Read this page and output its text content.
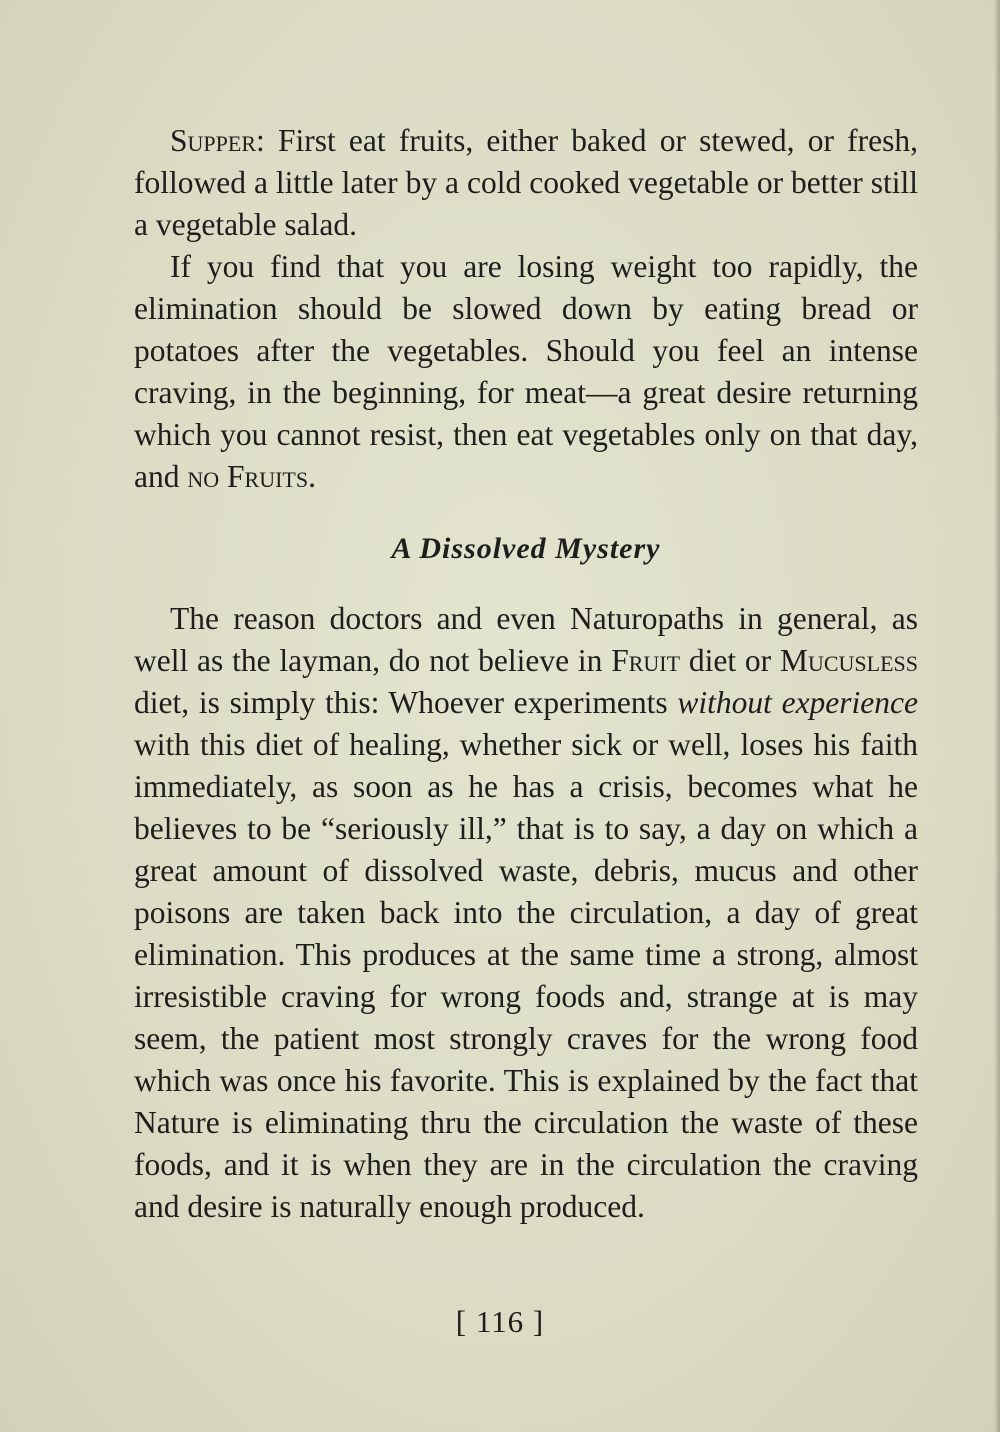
Supper: First eat fruits, either baked or stewed, or fresh, followed a little later by a cold cooked vegetable or better still a vegetable salad.

If you find that you are losing weight too rapidly, the elimination should be slowed down by eating bread or potatoes after the vegetables. Should you feel an intense craving, in the beginning, for meat—a great desire returning which you cannot resist, then eat vegetables only on that day, and no Fruits.

A Dissolved Mystery

The reason doctors and even Naturopaths in general, as well as the layman, do not believe in Fruit diet or Mucusless diet, is simply this: Whoever experiments without experience with this diet of healing, whether sick or well, loses his faith immediately, as soon as he has a crisis, becomes what he believes to be “seriously ill,” that is to say, a day on which a great amount of dissolved waste, debris, mucus and other poisons are taken back into the circulation, a day of great elimination. This produces at the same time a strong, almost irresistible craving for wrong foods and, strange at is may seem, the patient most strongly craves for the wrong food which was once his favorite. This is explained by the fact that Nature is eliminating thru the circulation the waste of these foods, and it is when they are in the circulation the craving and desire is naturally enough produced.

[ 116 ]
